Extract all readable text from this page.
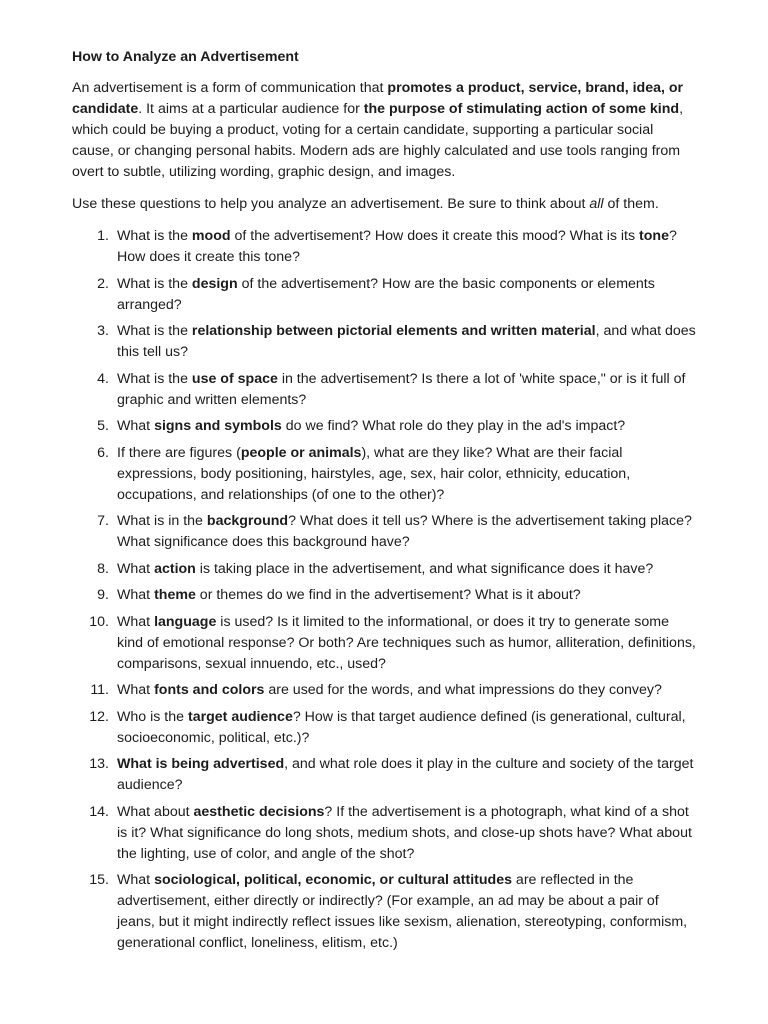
How to Analyze an Advertisement

An advertisement is a form of communication that promotes a product, service, brand, idea, or candidate. It aims at a particular audience for the purpose of stimulating action of some kind, which could be buying a product, voting for a certain candidate, supporting a particular social cause, or changing personal habits. Modern ads are highly calculated and use tools ranging from overt to subtle, utilizing wording, graphic design, and images.

Use these questions to help you analyze an advertisement. Be sure to think about all of them.

1. What is the mood of the advertisement? How does it create this mood? What is its tone? How does it create this tone?
2. What is the design of the advertisement? How are the basic components or elements arranged?
3. What is the relationship between pictorial elements and written material, and what does this tell us?
4. What is the use of space in the advertisement? Is there a lot of 'white space," or is it full of graphic and written elements?
5. What signs and symbols do we find? What role do they play in the ad's impact?
6. If there are figures (people or animals), what are they like? What are their facial expressions, body positioning, hairstyles, age, sex, hair color, ethnicity, education, occupations, and relationships (of one to the other)?
7. What is in the background? What does it tell us? Where is the advertisement taking place? What significance does this background have?
8. What action is taking place in the advertisement, and what significance does it have?
9. What theme or themes do we find in the advertisement? What is it about?
10. What language is used? Is it limited to the informational, or does it try to generate some kind of emotional response? Or both? Are techniques such as humor, alliteration, definitions, comparisons, sexual innuendo, etc., used?
11. What fonts and colors are used for the words, and what impressions do they convey?
12. Who is the target audience? How is that target audience defined (is generational, cultural, socioeconomic, political, etc.)?
13. What is being advertised, and what role does it play in the culture and society of the target audience?
14. What about aesthetic decisions? If the advertisement is a photograph, what kind of a shot is it? What significance do long shots, medium shots, and close-up shots have? What about the lighting, use of color, and angle of the shot?
15. What sociological, political, economic, or cultural attitudes are reflected in the advertisement, either directly or indirectly? (For example, an ad may be about a pair of jeans, but it might indirectly reflect issues like sexism, alienation, stereotyping, conformism, generational conflict, loneliness, elitism, etc.)
